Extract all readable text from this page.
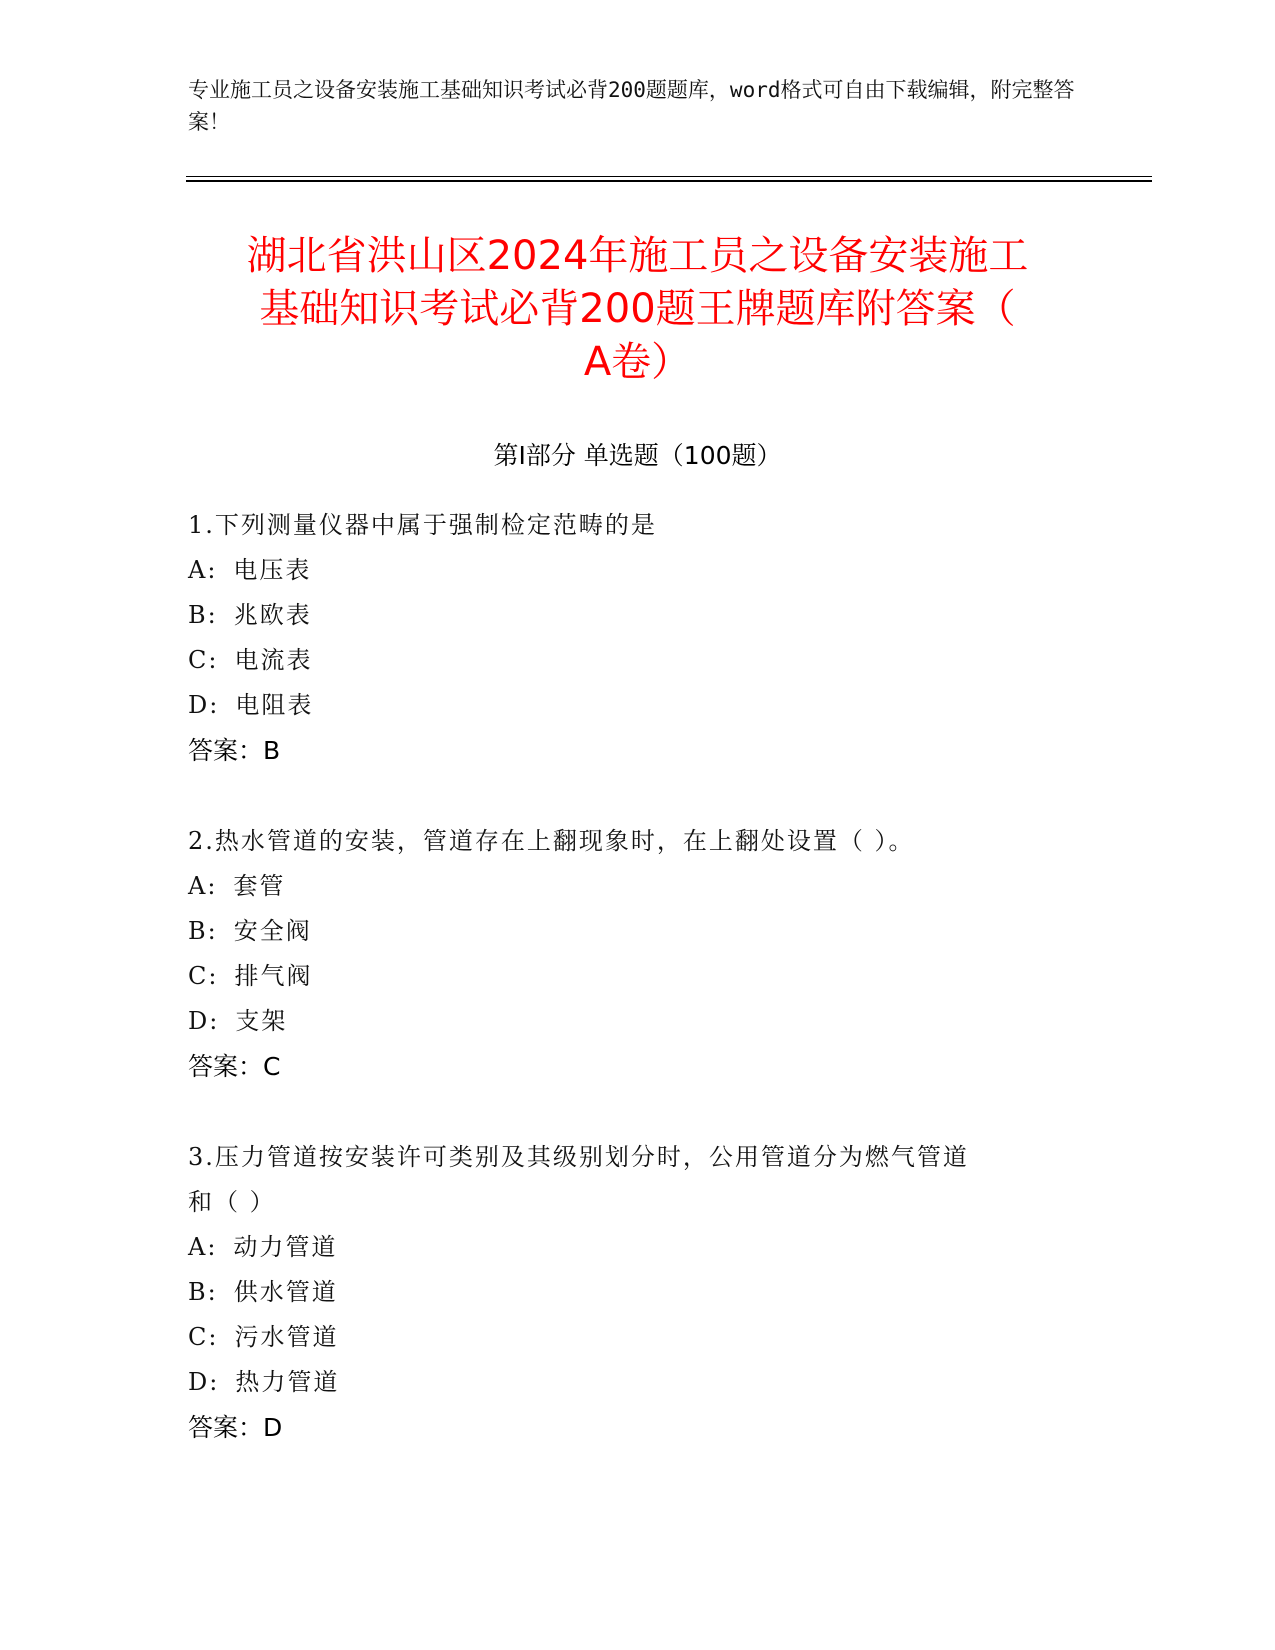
专业施工员之设备安装施工基础知识考试必背200题题库，word格式可自由下载编辑，附完整答案！
湖北省洪山区2024年施工员之设备安装施工
基础知识考试必背200题王牌题库附答案（
A卷）
第Ⅰ部分 单选题（100题）
1.下列测量仪器中属于强制检定范畴的是
A: 电压表
B: 兆欧表
C: 电流表
D: 电阻表
答案：B
2.热水管道的安装，管道存在上翻现象时，在上翻处设置（ ）。
A: 套管
B: 安全阀
C: 排气阀
D: 支架
答案：C
3.压力管道按安装许可类别及其级别划分时，公用管道分为燃气管道
和（ ）
A: 动力管道
B: 供水管道
C: 污水管道
D: 热力管道
答案：D
